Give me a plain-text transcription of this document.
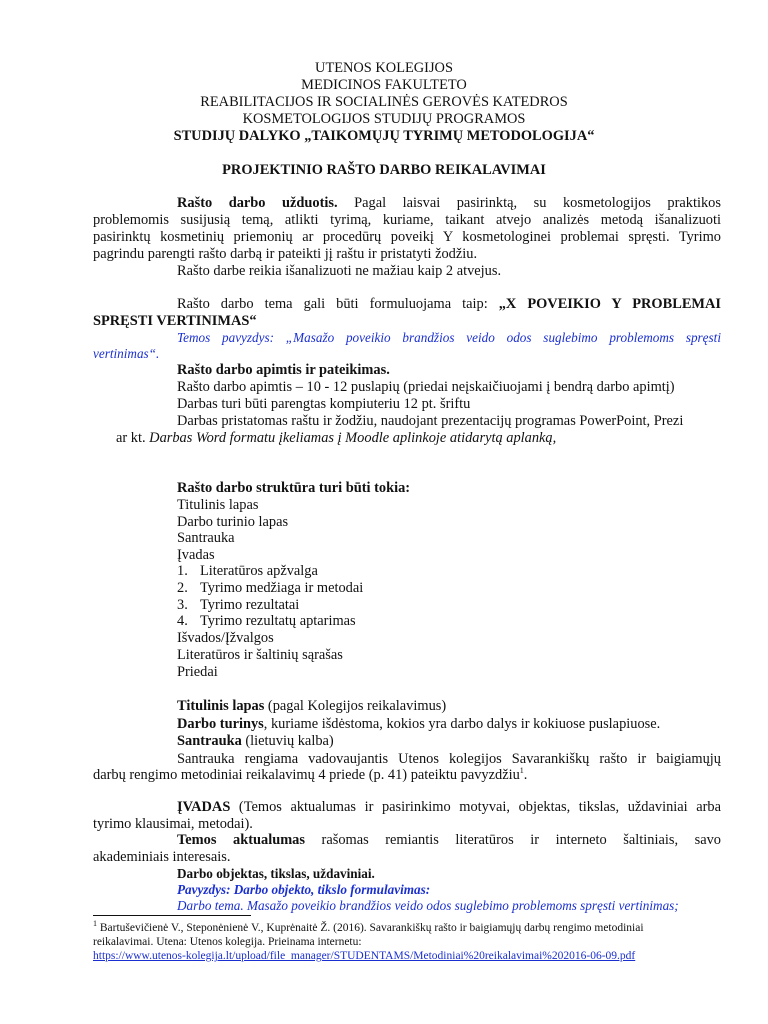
UTENOS KOLEGIJOS
MEDICINOS FAKULTETO
REABILITACIJOS IR SOCIALINĖS GEROVĖS KATEDROS
KOSMETOLOGIJOS STUDIJŲ PROGRAMOS
STUDIJŲ DALYKO „TAIKOMŲJŲ TYRIMŲ METODOLOGIJA“
PROJEKTINIO RAŠTO DARBO REIKALAVIMAI
Rašto darbo užduotis. Pagal laisvai pasirinktą, su kosmetologijos praktikos
problemomis susijusią temą, atlikti tyrimą, kuriame, taikant atvejo analizės metodą išanalizuoti
pasirinktų kosmetinių priemonių ar procedūrų poveikį Y kosmetologinei problemai spręsti. Tyrimo
pagrindu parengti rašto darbą ir pateikti jį raštu ir pristatyti žodžiu.
Rašto darbe reikia išanalizuoti ne mažiau kaip 2 atvejus.
Rašto darbo tema gali būti formuluojama taip: „X POVEIKIO Y PROBLEMAI
SPRĘSTI VERTINIMAS“
Temos pavyzdys: „Masažo poveikio brandžios veido odos suglebimo problemoms spręsti
vertinimas“.
Rašto darbo apimtis ir pateikimas.
Rašto darbo apimtis – 10 - 12 puslapių (priedai neįskaičiuojami į bendrą darbo apimtį)
Darbas turi būti parengtas kompiuteriu 12 pt. šriftu
Darbas pristatomas raštu ir žodžiu, naudojant prezentacijų programas PowerPoint, Prezi
ar kt. Darbas Word formatu įkeliamas į Moodle aplinkoje atidarytą aplanką,
Rašto darbo struktūra turi būti tokia:
Titulinis lapas
Darbo turinio lapas
Santrauka
Įvadas
1. Literatūros apžvalga
2. Tyrimo medžiaga ir metodai
3. Tyrimo rezultatai
4. Tyrimo rezultatų aptarimas
Išvados/Įžvalgos
Literatūros ir šaltinių sąrašas
Priedai
Titulinis lapas (pagal Kolegijos reikalavimus)
Darbo turinys, kuriame išdėstoma, kokios yra darbo dalys ir kokiuose puslapiuose.
Santrauka (lietuvių kalba)
Santrauka rengiama vadovaujantis Utenos kolegijos Savarankiškų rašto ir baigiamųjų
darbų rengimo metodiniai reikalavimų 4 priede (p. 41) pateiktu pavyzdžiu$^1$.
ĮVADAS (Temos aktualumas ir pasirinkimo motyvai, objektas, tikslas, uždaviniai arba
tyrimo klausimai, metodai).
Temos aktualumas rašomas remiantis literatūros ir interneto šaltiniais, savo
akademiniais interesais.
Darbo objektas, tikslas, uždaviniai.
Pavyzdys: Darbo objekto, tikslo formulavimas:
Darbo tema. Masažo poveikio brandžios veido odos suglebimo problemoms spręsti vertinimas;
$^1$ Bartuševičienė V., Steponėnienė V., Kuprėnaitė Ž. (2016). Savarankiškų rašto ir baigiamųjų darbų rengimo metodiniai
reikalavimai. Utena: Utenos kolegija. Prieinama internetu:
https://www.utenos-kolegija.lt/upload/file_manager/STUDENTAMS/Metodiniai%20reikalavimai%202016-06-09.pdf
